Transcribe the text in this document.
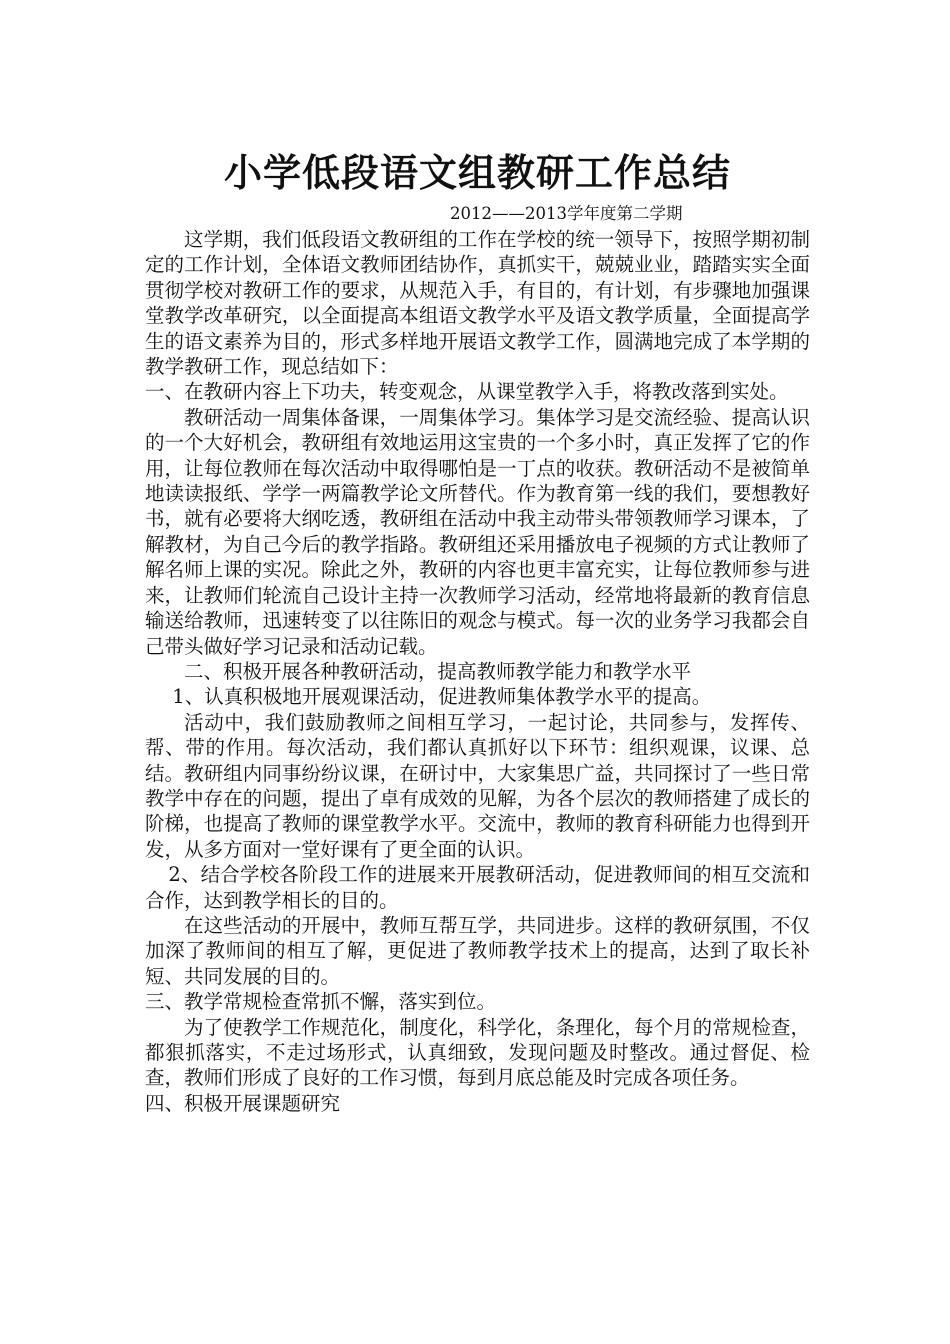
小学低段语文组教研工作总结

2012——2013学年度第二学期

这学期，我们低段语文教研组的工作在学校的统一领导下，按照学期初制定的工作计划，全体语文教师团结协作，真抓实干，兢兢业业，踏踏实实全面贯彻学校对教研工作的要求，从规范入手，有目的，有计划，有步骤地加强课堂教学改革研究，以全面提高本组语文教学水平及语文教学质量，全面提高学生的语文素养为目的，形式多样地开展语文教学工作，圆满地完成了本学期的教学教研工作，现总结如下：

一、在教研内容上下功夫，转变观念，从课堂教学入手，将教改落到实处。

教研活动一周集体备课，一周集体学习。集体学习是交流经验、提高认识的一个大好机会，教研组有效地运用这宝贵的一个多小时，真正发挥了它的作用，让每位教师在每次活动中取得哪怕是一丁点的收获。教研活动不是被简单地读读报纸、学学一两篇教学论文所替代。作为教育第一线的我们，要想教好书，就有必要将大纲吃透，教研组在活动中我主动带头带领教师学习课本，了解教材，为自己今后的教学指路。教研组还采用播放电子视频的方式让教师了解名师上课的实况。除此之外，教研的内容也更丰富充实，让每位教师参与进来，让教师们轮流自己设计主持一次教师学习活动，经常地将最新的教育信息输送给教师，迅速转变了以往陈旧的观念与模式。每一次的业务学习我都会自己带头做好学习记录和活动记载。

二、积极开展各种教研活动，提高教师教学能力和教学水平

1、认真积极地开展观课活动，促进教师集体教学水平的提高。

活动中，我们鼓励教师之间相互学习，一起讨论，共同参与，发挥传、帮、带的作用。每次活动，我们都认真抓好以下环节：组织观课，议课、总结。教研组内同事纷纷议课，在研讨中，大家集思广益，共同探讨了一些日常教学中存在的问题，提出了卓有成效的见解，为各个层次的教师搭建了成长的阶梯，也提高了教师的课堂教学水平。交流中，教师的教育科研能力也得到开发，从多方面对一堂好课有了更全面的认识。

2、结合学校各阶段工作的进展来开展教研活动，促进教师间的相互交流和合作，达到教学相长的目的。

在这些活动的开展中，教师互帮互学，共同进步。这样的教研氛围，不仅加深了教师间的相互了解，更促进了教师教学技术上的提高，达到了取长补短、共同发展的目的。

三、教学常规检查常抓不懈，落实到位。

为了使教学工作规范化，制度化，科学化，条理化，每个月的常规检查，都狠抓落实，不走过场形式，认真细致，发现问题及时整改。通过督促、检查，教师们形成了良好的工作习惯，每到月底总能及时完成各项任务。

四、积极开展课题研究
